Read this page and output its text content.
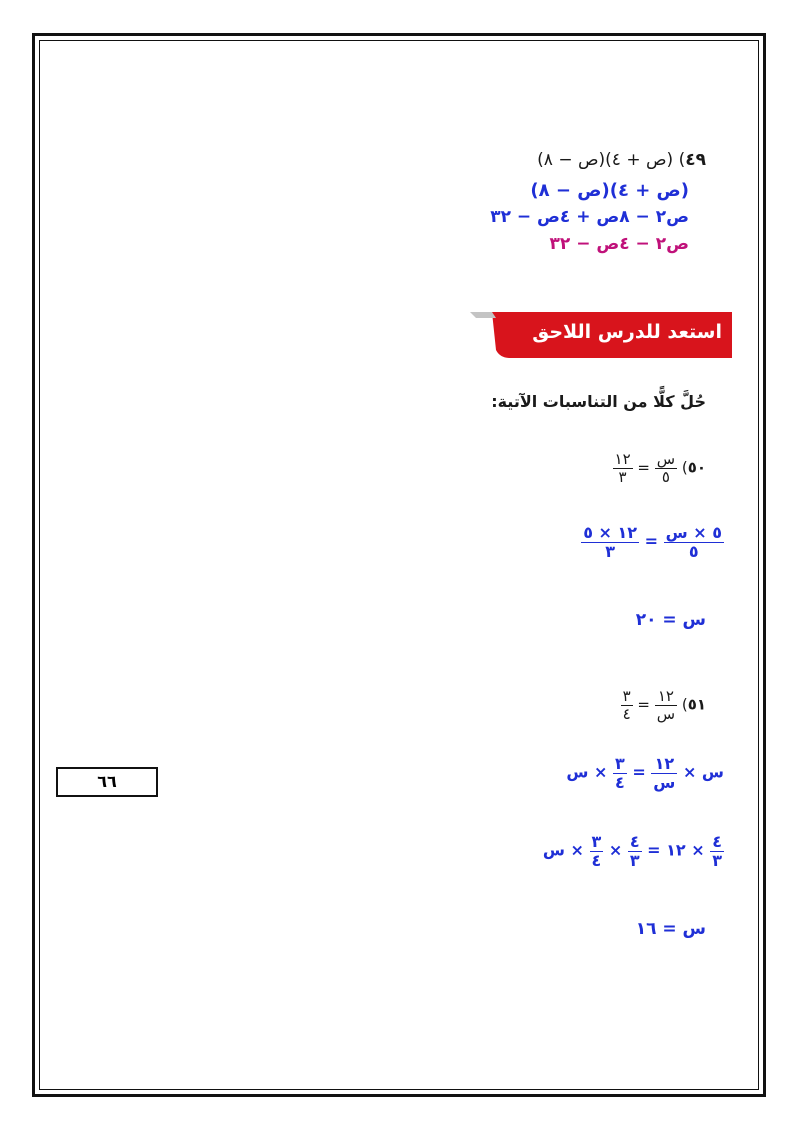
٤٩) (ص + ٤)(ص − ٨)
(ص + ٤)(ص − ٨)
ص٢ − ٨ص + ٤ص − ٣٢
ص٢ − ٤ص − ٣٢
استعد للدرس اللاحق
حُلَّ كلًّا من التناسبات الآتية:
٥٠)
$\frac{\text{س}}{٥}$
=
$\frac{١٢}{٣}$
$\frac{\text{٥ × س}}{٥}$
=
$\frac{١٢ \times ٥}{٣}$
س = ٢٠
٥١)
$\frac{١٢}{\text{س}}$
=
$\frac{٣}{٤}$
س ×
$\frac{١٢}{\text{س}}$
=
$\frac{٣}{٤}$
× س
$\frac{٤}{٣}$
× ١٢ =
$\frac{٤}{٣}$
×
$\frac{٣}{٤}$
× س
س = ١٦
٦٦
